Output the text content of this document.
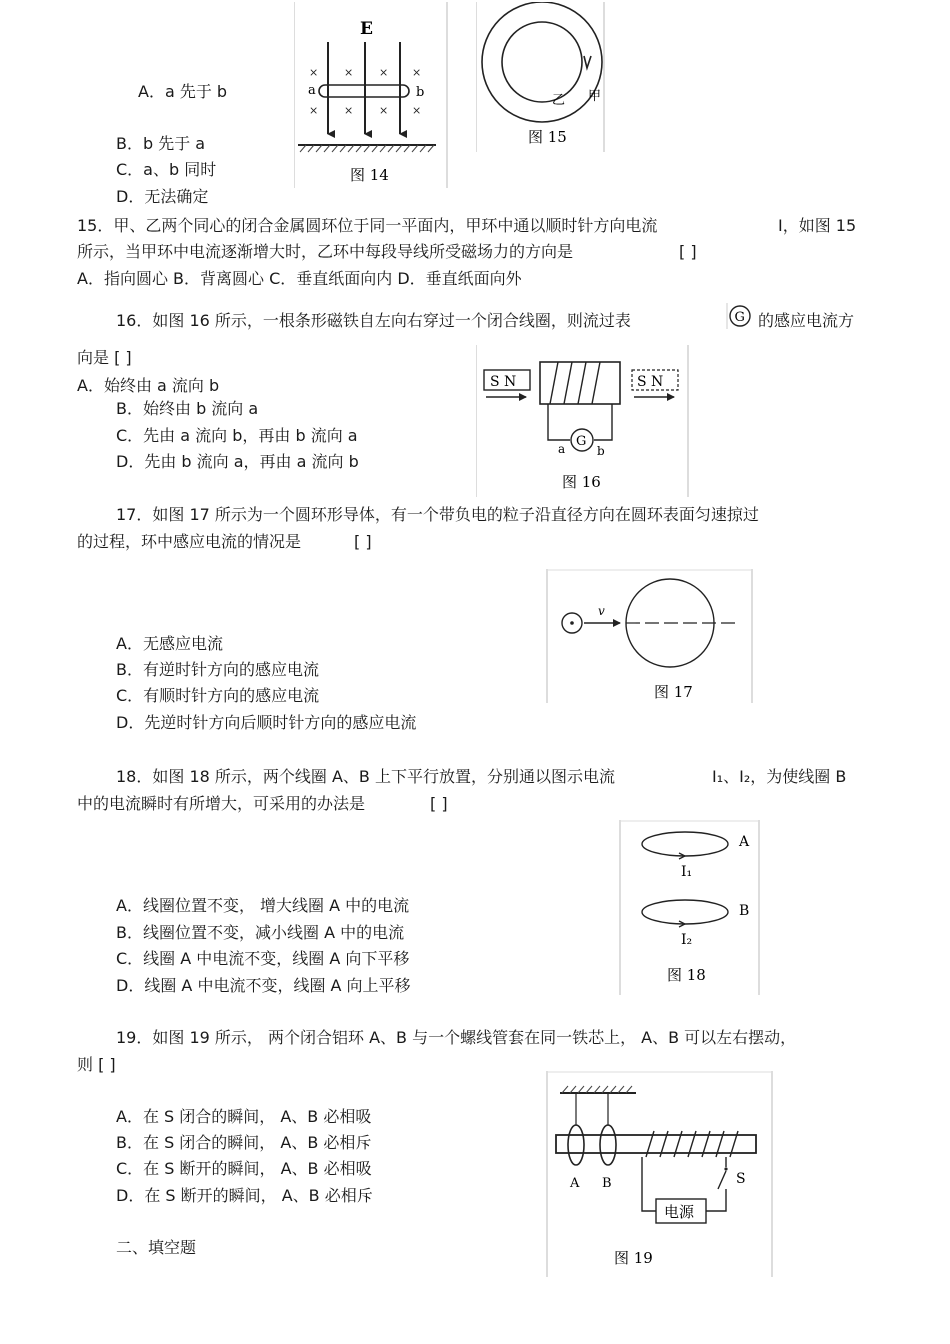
A．a 先于 b
B．b 先于 a
C．a、b 同时
D．无法确定
E
× × × ×
× × × ×
a	b
图 14
乙 甲
图 15
15．甲、乙两个同心的闭合金属圆环位于同一平面内，甲环中通以顺时针方向电流	I，如图 15
所示，当甲环中电流逐渐增大时，乙环中每段导线所受磁场力的方向是	[ ]
A．指向圆心 B．背离圆心 C．垂直纸面向内 D．垂直纸面向外
16．如图 16 所示，一根条形磁铁自左向右穿过一个闭合线圈，则流过表	G 的感应电流方
向是 [ ]
A．始终由 a 流向 b
B．始终由 b 流向 a
C．先由 a 流向 b，再由 b 流向 a
D．先由 b 流向 a，再由 a 流向 b
S N	S N
G
a	b
图 16
17．如图 17 所示为一个圆环形导体，有一个带负电的粒子沿直径方向在圆环表面匀速掠过
的过程，环中感应电流的情况是	[ ]
A．无感应电流
B．有逆时针方向的感应电流
C．有顺时针方向的感应电流
D．先逆时针方向后顺时针方向的感应电流
v
图 17
18．如图 18 所示，两个线圈 A、B 上下平行放置，分别通以图示电流	I₁、I₂，为使线圈 B
中的电流瞬时有所增大，可采用的办法是	[ ]
A．线圈位置不变， 增大线圈 A 中的电流
B．线圈位置不变，减小线圈 A 中的电流
C．线圈 A 中电流不变，线圈 A 向下平移
D．线圈 A 中电流不变，线圈 A 向上平移
A
I₁
B
I₂
图 18
19．如图 19 所示， 两个闭合铝环 A、B 与一个螺线管套在同一铁芯上， A、B 可以左右摆动，
则 [ ]
A．在 S 闭合的瞬间， A、B 必相吸
B．在 S 闭合的瞬间， A、B 必相斥
C．在 S 断开的瞬间， A、B 必相吸
D．在 S 断开的瞬间， A、B 必相斥
A B	S
电源
图 19
二、填空题
